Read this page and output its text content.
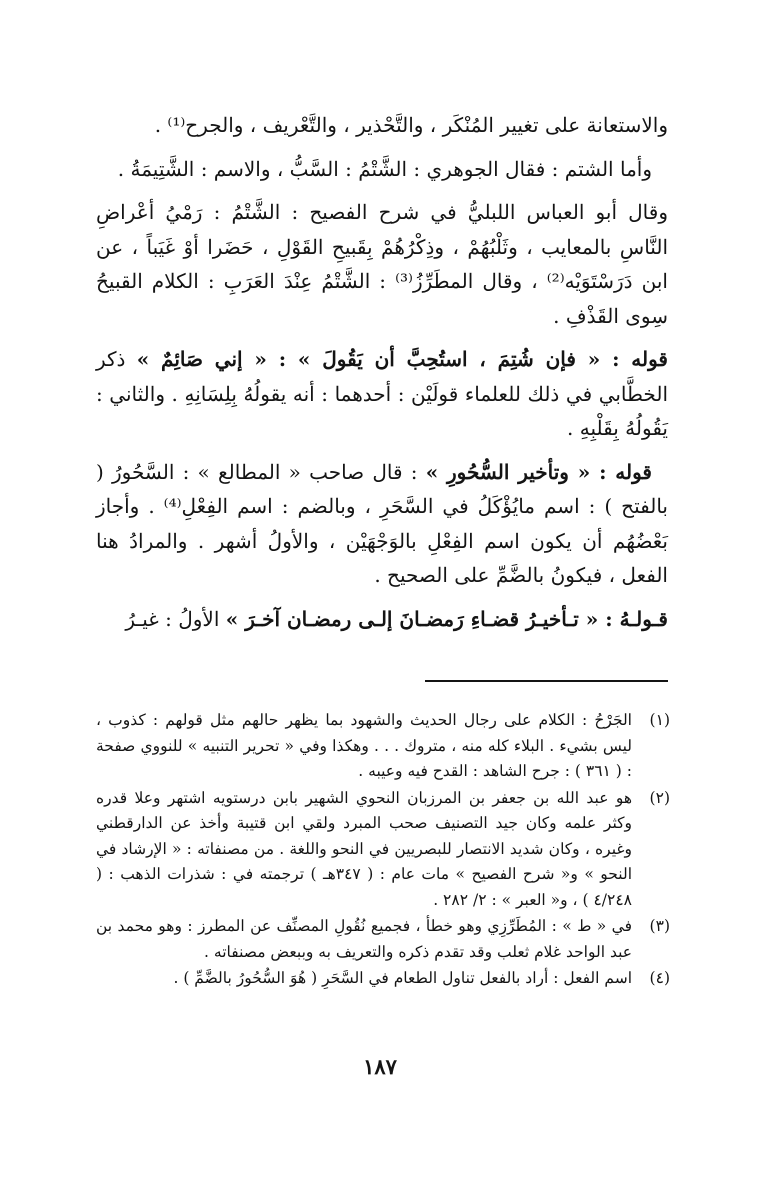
والاستعانة على تغيير المُنْكَر ، والتَّحْذير ، والتَّعْريف ، والجرح⁽¹⁾ .

وأما الشتم : فقال الجوهري : الشَّتْمُ : السَّبُّ ، والاسم : الشَّتِيمَةُ .

وقال أبو العباس اللبليُّ في شرح الفصيح : الشَّتْمُ : رَمْيُ أعْراضِ النَّاسِ بالمعايب ، وثَلْبُهُمْ ، وذِكْرُهُمْ بِقَبيحِ القَوْلِ ، حَضَرا أوْ غَيَباً ، عن ابن دَرَسْتَوَيْه⁽²⁾ ، وقال المطَرِّزُ⁽³⁾ : الشَّتْمُ عِنْدَ العَرَبِ : الكلام القبيحُ سِوى القَذْفِ .

قوله : « فإن شُتِمَ ، استُحِبَّ أن يَقُولَ » : « إني صَائِمٌ » ذكر الخطَّابي في ذلك للعلماء قولَيْن : أحدهما : أنه يقولُهُ بِلِسَانِهِ . والثاني : يَقُولُهُ بِقَلْبِهِ .

قوله : « وتأخير السُّحُورِ » : قال صاحب « المطالع » : السَّحُورُ ( بالفتح ) : اسم مايُؤْكَلُ في السَّحَرِ ، وبالضم : اسم الفِعْلِ⁽⁴⁾ . وأجاز بَعْضُهُم أن يكون اسم الفِعْلِ بالوَجْهَيْن ، والأولُ أشهر . والمرادُ هنا الفعل ، فيكونُ بالضَّمِّ على الصحيح .

قـولـهُ : « تـأخيـرُ قضـاءِ رَمضـانَ إلـى رمضـان آخـرَ » الأولُ : غيـرُ

(١)
الجَرْحُ : الكلام على رجال الحديث والشهود بما يظهر حالهم مثل قولهم : كذوب ، ليس بشيء . البلاء كله منه ، متروك . . . وهكذا وفي « تحرير التنبيه » للنووي صفحة : ( ٣٦١ ) : جرح الشاهد : القدح فيه وعيبه .
(٢)
هو عبد الله بن جعفر بن المرزبان النحوي الشهير بابن درستويه اشتهر وعلا قدره وكثر علمه وكان جيد التصنيف صحب المبرد ولقي ابن قتيبة وأخذ عن الدارقطني وغيره ، وكان شديد الانتصار للبصريين في النحو واللغة . من مصنفاته : « الإرشاد في النحو » و« شرح الفصيح » مات عام : ( ٣٤٧هـ ) ترجمته في : شذرات الذهب : ( ٤/٢٤٨ ) ، و« العبر » : ٢/ ٢٨٢ .
(٣)
في « ط » : المُطَرِّزِي وهو خطأ ، فجميع نُقُولِ المصنِّف عن المطرز : وهو محمد بن عبد الواحد غلام ثعلب وقد تقدم ذكره والتعريف به وببعض مصنفاته .
(٤)
اسم الفعل : أراد بالفعل تناول الطعام في السَّحَرِ ( هُوَ السُّحُورُ بالضَّمِّ ) .
١٨٧
